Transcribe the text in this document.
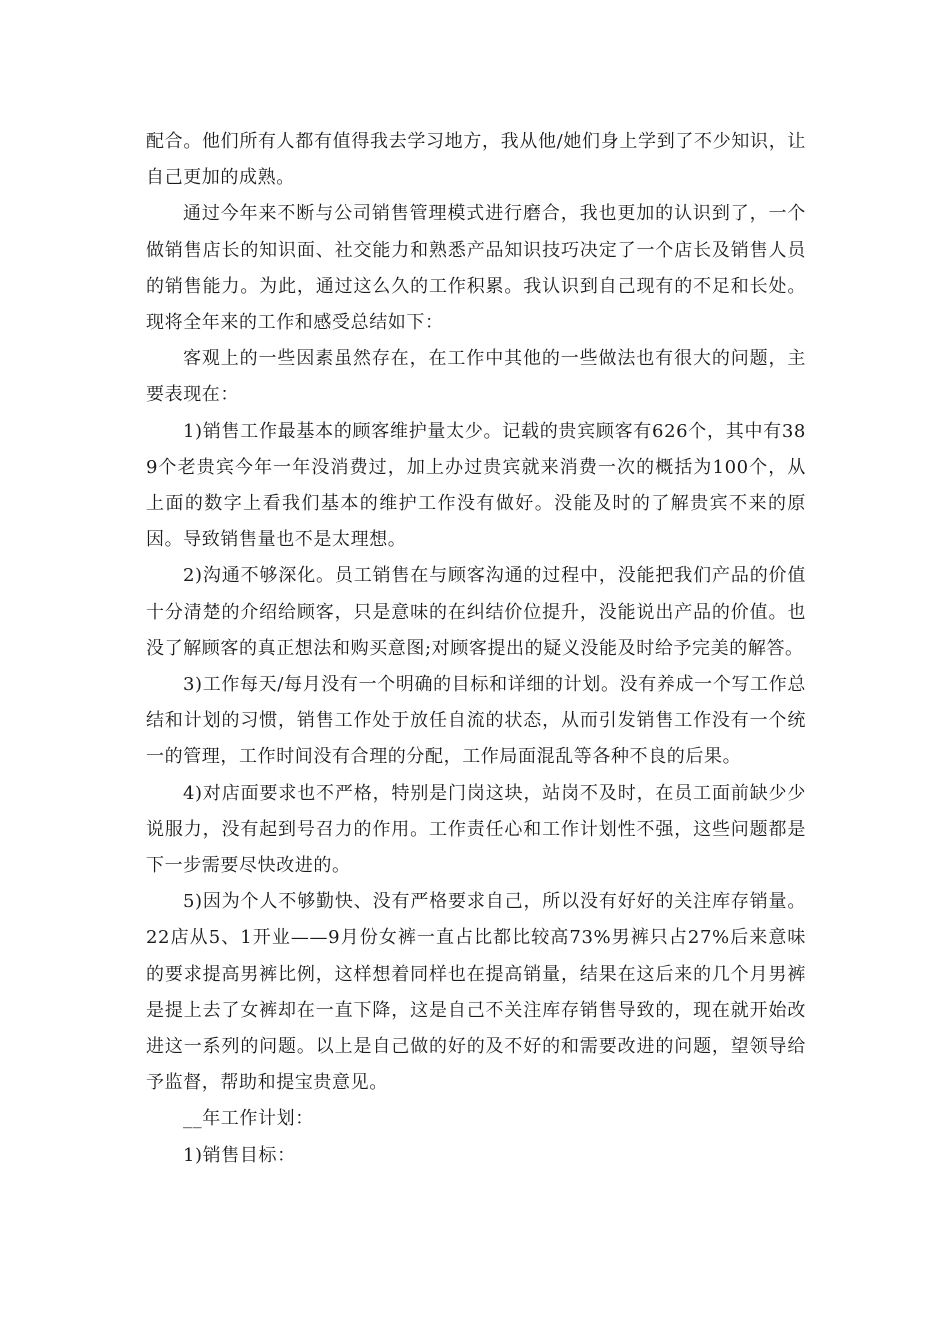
配合。他们所有人都有值得我去学习地方，我从他/她们身上学到了不少知识，让自己更加的成熟。

通过今年来不断与公司销售管理模式进行磨合，我也更加的认识到了，一个做销售店长的知识面、社交能力和熟悉产品知识技巧决定了一个店长及销售人员的销售能力。为此，通过这么久的工作积累。我认识到自己现有的不足和长处。现将全年来的工作和感受总结如下：

客观上的一些因素虽然存在，在工作中其他的一些做法也有很大的问题，主要表现在：

1)销售工作最基本的顾客维护量太少。记载的贵宾顾客有626个，其中有389个老贵宾今年一年没消费过，加上办过贵宾就来消费一次的概括为100个，从上面的数字上看我们基本的维护工作没有做好。没能及时的了解贵宾不来的原因。导致销售量也不是太理想。

2)沟通不够深化。员工销售在与顾客沟通的过程中，没能把我们产品的价值十分清楚的介绍给顾客，只是意味的在纠结价位提升，没能说出产品的价值。也没了解顾客的真正想法和购买意图;对顾客提出的疑义没能及时给予完美的解答。

3)工作每天/每月没有一个明确的目标和详细的计划。没有养成一个写工作总结和计划的习惯，销售工作处于放任自流的状态，从而引发销售工作没有一个统一的管理，工作时间没有合理的分配，工作局面混乱等各种不良的后果。

4)对店面要求也不严格，特别是门岗这块，站岗不及时，在员工面前缺少少说服力，没有起到号召力的作用。工作责任心和工作计划性不强，这些问题都是下一步需要尽快改进的。

5)因为个人不够勤快、没有严格要求自己，所以没有好好的关注库存销量。22店从5、1开业——9月份女裤一直占比都比较高73%男裤只占27%后来意味的要求提高男裤比例，这样想着同样也在提高销量，结果在这后来的几个月男裤是提上去了女裤却在一直下降，这是自己不关注库存销售导致的，现在就开始改进这一系列的问题。以上是自己做的好的及不好的和需要改进的问题，望领导给予监督，帮助和提宝贵意见。

__年工作计划：

1)销售目标：
